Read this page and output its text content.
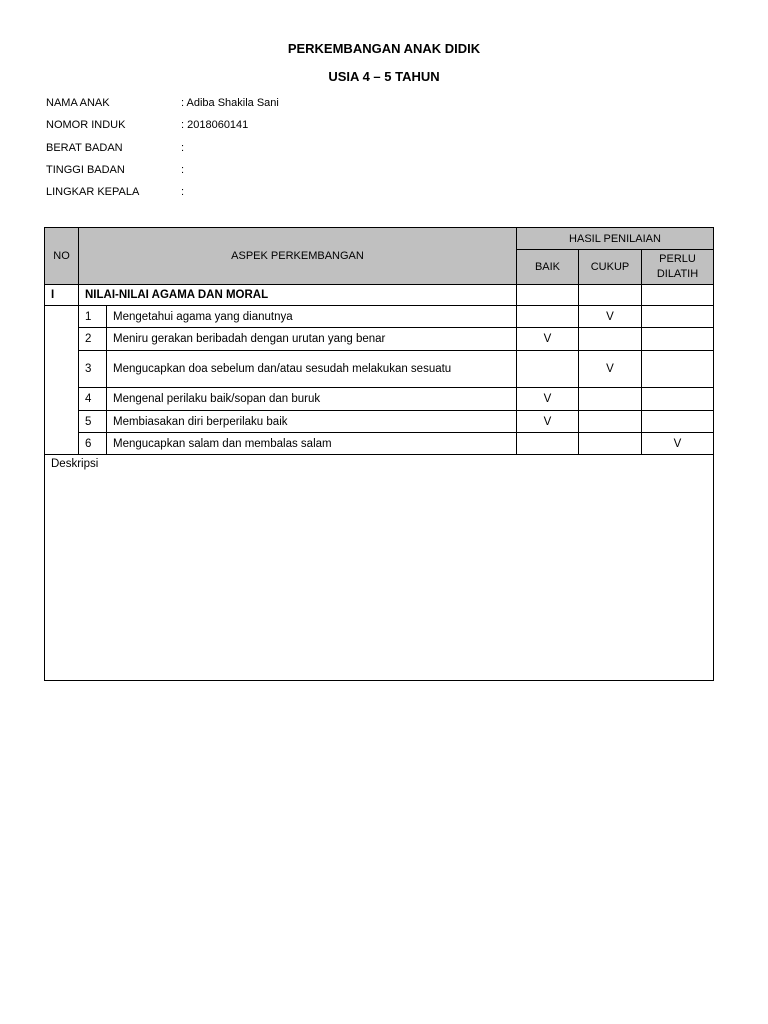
PERKEMBANGAN ANAK DIDIK
USIA 4 – 5 TAHUN
NAMA ANAK	: Adiba Shakila Sani
NOMOR INDUK	: 2018060141
BERAT BADAN	:
TINGGI BADAN	:
LINGKAR KEPALA	:
NO	ASPEK PERKEMBANGAN		HASIL PENILAIAN		
			BAIK	CUKUP	PERLU DILATIH
I	NILAI-NILAI AGAMA DAN MORAL				
	1	Mengetahui agama yang dianutnya		V	
	2	Meniru gerakan beribadah dengan urutan yang benar	V		
	3	Mengucapkan doa sebelum dan/atau sesudah melakukan sesuatu		V	
	4	Mengenal perilaku baik/sopan dan buruk	V		
	5	Membiasakan diri berperilaku baik	V		
	6	Mengucapkan salam dan membalas salam			V
Deskripsi					
